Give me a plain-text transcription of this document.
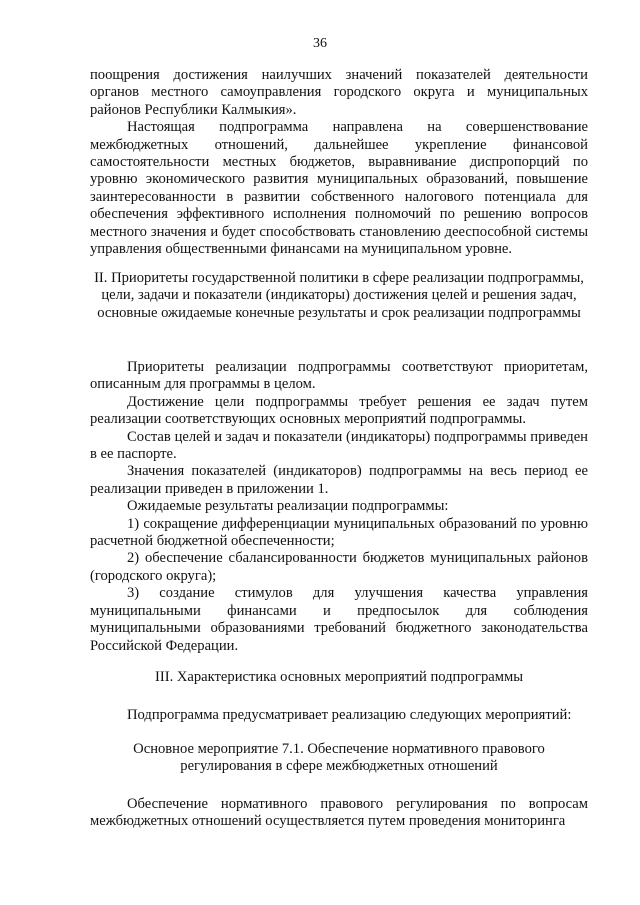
36

поощрения достижения наилучших значений показателей деятельности органов местного самоуправления городского округа и муниципальных районов Республики Калмыкия».

Настоящая подпрограмма направлена на совершенствование межбюджетных отношений, дальнейшее укрепление финансовой самостоятельности местных бюджетов, выравнивание диспропорций по уровню экономического развития муниципальных образований, повышение заинтересованности в развитии собственного налогового потенциала для обеспечения эффективного исполнения полномочий по решению вопросов местного значения и будет способствовать становлению дееспособной системы управления общественными финансами на муниципальном уровне.

II. Приоритеты государственной политики в сфере реализации подпрограммы, цели, задачи и показатели (индикаторы) достижения целей и решения задач, основные ожидаемые конечные результаты и срок реализации подпрограммы

Приоритеты реализации подпрограммы соответствуют приоритетам, описанным для программы в целом.

Достижение цели подпрограммы требует решения ее задач путем реализации соответствующих основных мероприятий подпрограммы.

Состав целей и задач и показатели (индикаторы) подпрограммы приведен в ее паспорте.

Значения показателей (индикаторов) подпрограммы на весь период ее реализации приведен в приложении 1.

Ожидаемые результаты реализации подпрограммы:

1) сокращение дифференциации муниципальных образований по уровню расчетной бюджетной обеспеченности;

2) обеспечение сбалансированности бюджетов муниципальных районов (городского округа);

3) создание стимулов для улучшения качества управления муниципальными финансами и предпосылок для соблюдения муниципальными образованиями требований бюджетного законодательства Российской Федерации.

III. Характеристика основных мероприятий подпрограммы

Подпрограмма предусматривает реализацию следующих мероприятий:

Основное мероприятие 7.1. Обеспечение нормативного правового регулирования в сфере межбюджетных отношений

Обеспечение нормативного правового регулирования по вопросам межбюджетных отношений осуществляется путем проведения мониторинга
